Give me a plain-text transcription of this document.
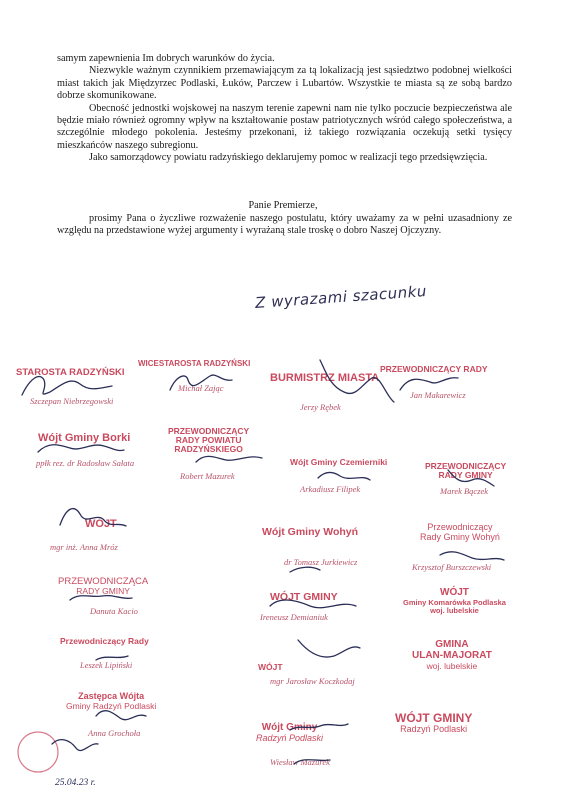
samym zapewnienia Im dobrych warunków do życia.

Niezwykle ważnym czynnikiem przemawiającym za tą lokalizacją jest sąsiedztwo podobnej wielkości miast takich jak Międzyrzec Podlaski, Łuków, Parczew i Lubartów. Wszystkie te miasta są ze sobą bardzo dobrze skomunikowane.

Obecność jednostki wojskowej na naszym terenie zapewni nam nie tylko poczucie bezpieczeństwa ale będzie miało również ogromny wpływ na kształtowanie postaw patriotycznych wśród całego społeczeństwa, a szczególnie młodego pokolenia. Jesteśmy przekonani, iż takiego rozwiązania oczekują setki tysięcy mieszkańców naszego subregionu.

Jako samorządowcy powiatu radzyńskiego deklarujemy pomoc w realizacji tego przedsięwzięcia.

Panie Premierze,

prosimy Pana o życzliwe rozważenie naszego postulatu, który uważamy za w pełni uzasadniony ze względu na przedstawione wyżej argumenty i wyrażaną stale troskę o dobro Naszej Ojczyzny.

Z wyrazami szacunku
STAROSTA RADZYŃSKI
Szczepan Niebrzegowski
WICESTAROSTA RADZYŃSKI
Michał Zając
BURMISTRZ MIASTA
Jerzy Rębek
PRZEWODNICZĄCY RADY
Jan Makarewicz
Wójt Gminy Borki
ppłk rez. dr Radosław Sałata
PRZEWODNICZĄCY
RADY POWIATU
RADZYŃSKIEGO
Robert Mazurek
Wójt Gminy Czemierniki
Arkadiusz Filipek
PRZEWODNICZĄCY
RADY GMINY
Marek Bączek
WÓJT
mgr inż. Anna Mróz
Wójt Gminy Wohyń
dr Tomasz Jurkiewicz
Przewodniczący
Rady Gminy Wohyń
Krzysztof Burszczewski
PRZEWODNICZĄCA
RADY GMINY
Danuta Kacio
WÓJT GMINY
Ireneusz Demianiuk
WÓJT
Gminy Komarówka Podlaska
woj. lubelskie
Przewodniczący Rady
Leszek Lipiński	WÓJT
mgr Jarosław Koczkodaj
GMINA
ULAN-MAJORAT
woj. lubelskie
Zastępca Wójta
Gminy Radzyń Podlaski
Anna Grochoła	Wójt Gminy
Radzyń Podlaski
Wiesław Mazurek
WÓJT GMINY
Radzyń Podlaski
25.04.23 r.
